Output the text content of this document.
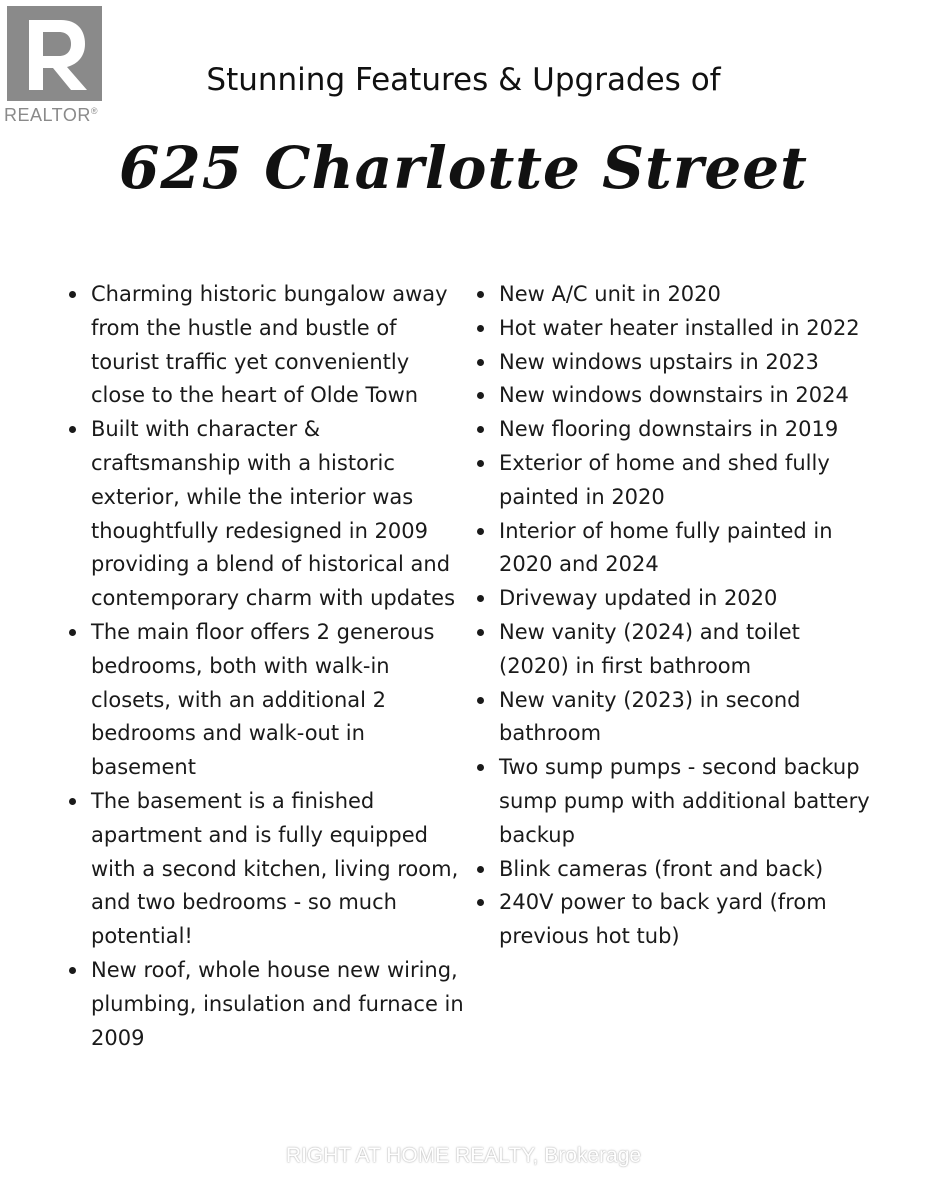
REALTOR®
Stunning Features & Upgrades of
625 Charlotte Street
Charming historic bungalow away from the hustle and bustle of tourist traffic yet conveniently close to the heart of Olde Town
Built with character & craftsmanship with a historic exterior, while the interior was thoughtfully redesigned in 2009 providing a blend of historical and contemporary charm with updates
The main floor offers 2 generous bedrooms, both with walk-in closets, with an additional 2 bedrooms and walk-out in basement
The basement is a finished apartment and is fully equipped with a second kitchen, living room, and two bedrooms - so much potential!
New roof, whole house new wiring, plumbing, insulation and furnace in 2009
New A/C unit in 2020
Hot water heater installed in 2022
New windows upstairs in 2023
New windows downstairs in 2024
New flooring downstairs in 2019
Exterior of home and shed fully painted in 2020
Interior of home fully painted in 2020 and 2024
Driveway updated in 2020
New vanity (2024) and toilet (2020) in first bathroom
New vanity (2023) in second bathroom
Two sump pumps - second backup sump pump with additional battery backup
Blink cameras (front and back)
240V power to back yard (from previous hot tub)
RIGHT AT HOME REALTY, Brokerage
